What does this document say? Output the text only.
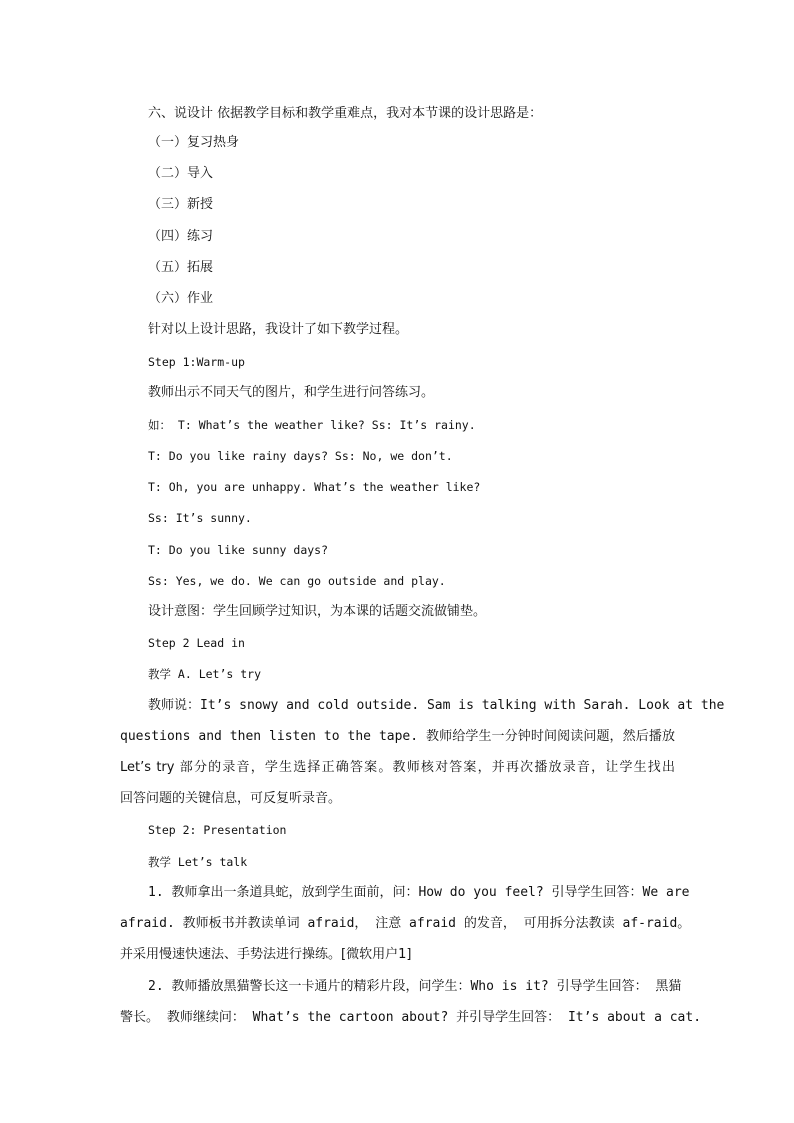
六、说设计 依据教学目标和教学重难点，我对本节课的设计思路是：
（一）复习热身
（二）导入
（三）新授
（四）练习
（五）拓展
（六）作业
针对以上设计思路，我设计了如下教学过程。
Step 1:Warm-up
教师出示不同天气的图片，和学生进行问答练习。
如： T: What’s the weather like? Ss: It’s rainy.
T: Do you like rainy days? Ss: No, we don’t.
T: Oh, you are unhappy. What’s the weather like?
Ss: It’s sunny.
T: Do you like sunny days?
Ss: Yes, we do. We can go outside and play.
设计意图：学生回顾学过知识，为本课的话题交流做铺垫。
Step 2 Lead in
教学 A. Let’s try
教师说：It’s snowy and cold outside. Sam is talking with Sarah. Look at the
questions and then listen to the tape. 教师给学生一分钟时间阅读问题，然后播放
Let’s try 部分的录音，学生选择正确答案。教师核对答案，并再次播放录音，让学生找出
回答问题的关键信息，可反复听录音。
Step 2: Presentation
教学 Let’s talk
1. 教师拿出一条道具蛇，放到学生面前，问：How do you feel? 引导学生回答：We are
afraid. 教师板书并教读单词 afraid， 注意 afraid 的发音， 可用拆分法教读 af-raid。
并采用慢速快速法、手势法进行操练。[微软用户1]
2. 教师播放黑猫警长这一卡通片的精彩片段，问学生：Who is it? 引导学生回答： 黑猫
警长。 教师继续问： What’s the cartoon about? 并引导学生回答： It’s about a cat.
